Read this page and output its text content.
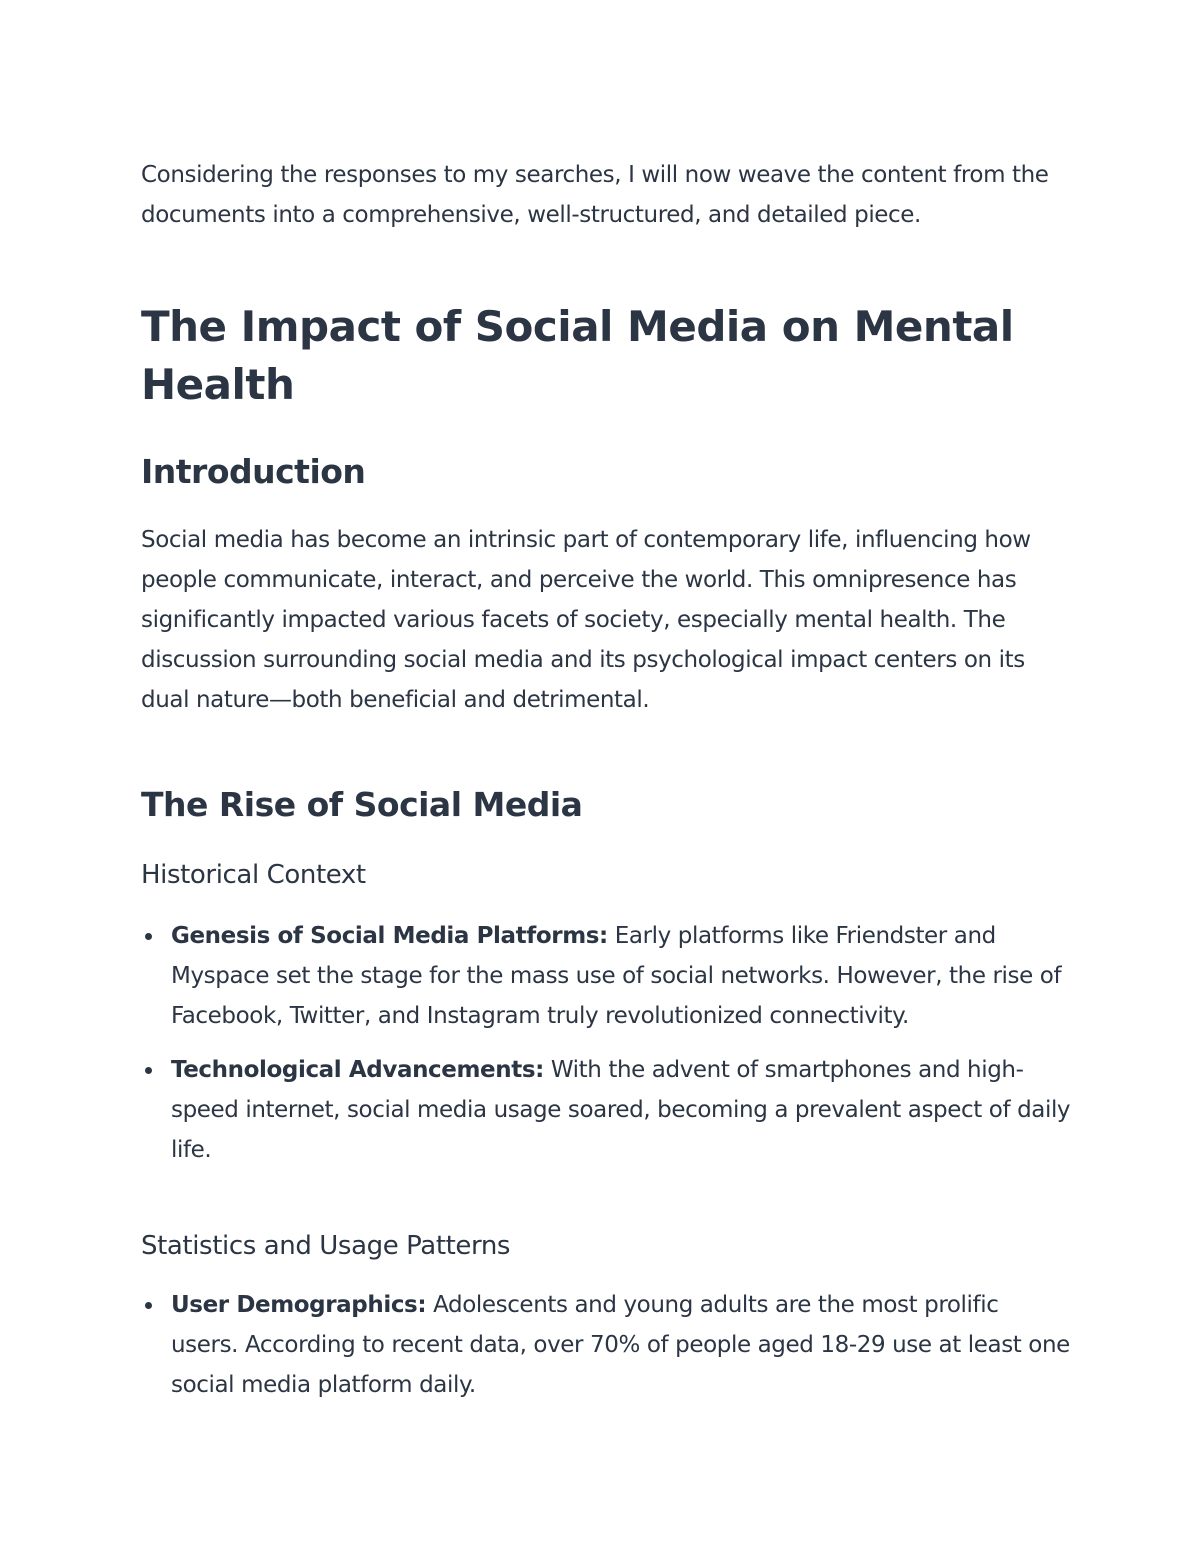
Considering the responses to my searches, I will now weave the content from the documents into a comprehensive, well-structured, and detailed piece.

The Impact of Social Media on Mental Health
Introduction

Social media has become an intrinsic part of contemporary life, influencing how people communicate, interact, and perceive the world. This omnipresence has significantly impacted various facets of society, especially mental health. The discussion surrounding social media and its psychological impact centers on its dual nature—both beneficial and detrimental.

The Rise of Social Media
Historical Context
Genesis of Social Media Platforms: Early platforms like Friendster and Myspace set the stage for the mass use of social networks. However, the rise of Facebook, Twitter, and Instagram truly revolutionized connectivity.
Technological Advancements: With the advent of smartphones and high-speed internet, social media usage soared, becoming a prevalent aspect of daily life.
Statistics and Usage Patterns
User Demographics: Adolescents and young adults are the most prolific users. According to recent data, over 70% of people aged 18-29 use at least one social media platform daily.
